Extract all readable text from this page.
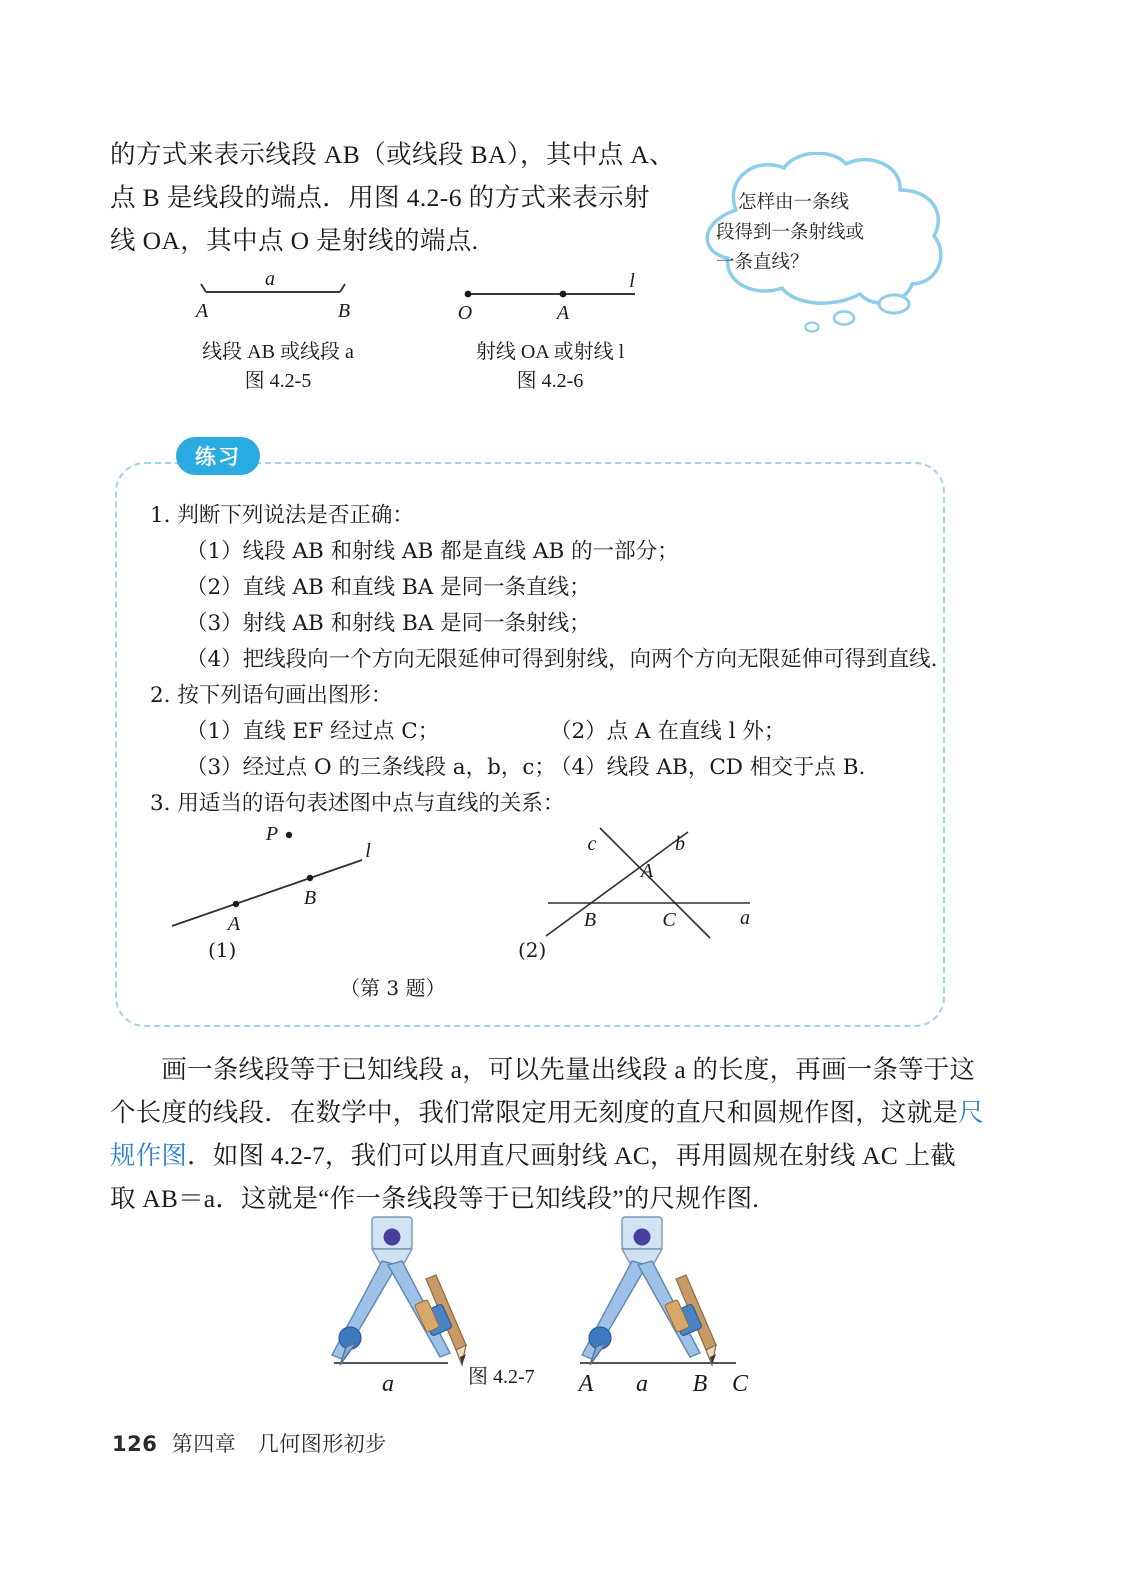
的方式来表示线段 AB（或线段 BA），其中点 A、
点 B 是线段的端点．用图 4.2-6 的方式来表示射
线 OA，其中点 O 是射线的端点.
怎样由一条线
段得到一条射线或
一条直线？
a
A	B
线段 AB 或线段 a
图 4.2-5
O	A
l
射线 OA 或射线 l
图 4.2-6
练习
1. 判断下列说法是否正确：
（1）线段 AB 和射线 AB 都是直线 AB 的一部分；
（2）直线 AB 和直线 BA 是同一条直线；
（3）射线 AB 和射线 BA 是同一条射线；
（4）把线段向一个方向无限延伸可得到射线，向两个方向无限延伸可得到直线.
2. 按下列语句画出图形：
（1）直线 EF 经过点 C；	（2）点 A 在直线 l 外；
（3）经过点 O 的三条线段 a，b，c；
（4）线段 AB，CD 相交于点 B.
3. 用适当的语句表述图中点与直线的关系：
P
A
B
l	c	b
A
B	C	a
(1)	(2)
（第 3 题）
　　画一条线段等于已知线段 a，可以先量出线段 a 的长度，再画一条等于这
个长度的线段．在数学中，我们常限定用无刻度的直尺和圆规作图，这就是尺
规作图．如图 4.2-7，我们可以用直尺画射线 AC，再用圆规在射线 AC 上截
取 AB＝a．这就是“作一条线段等于已知线段”的尺规作图.
a	A a B C
图 4.2-7
126 第四章 几何图形初步
